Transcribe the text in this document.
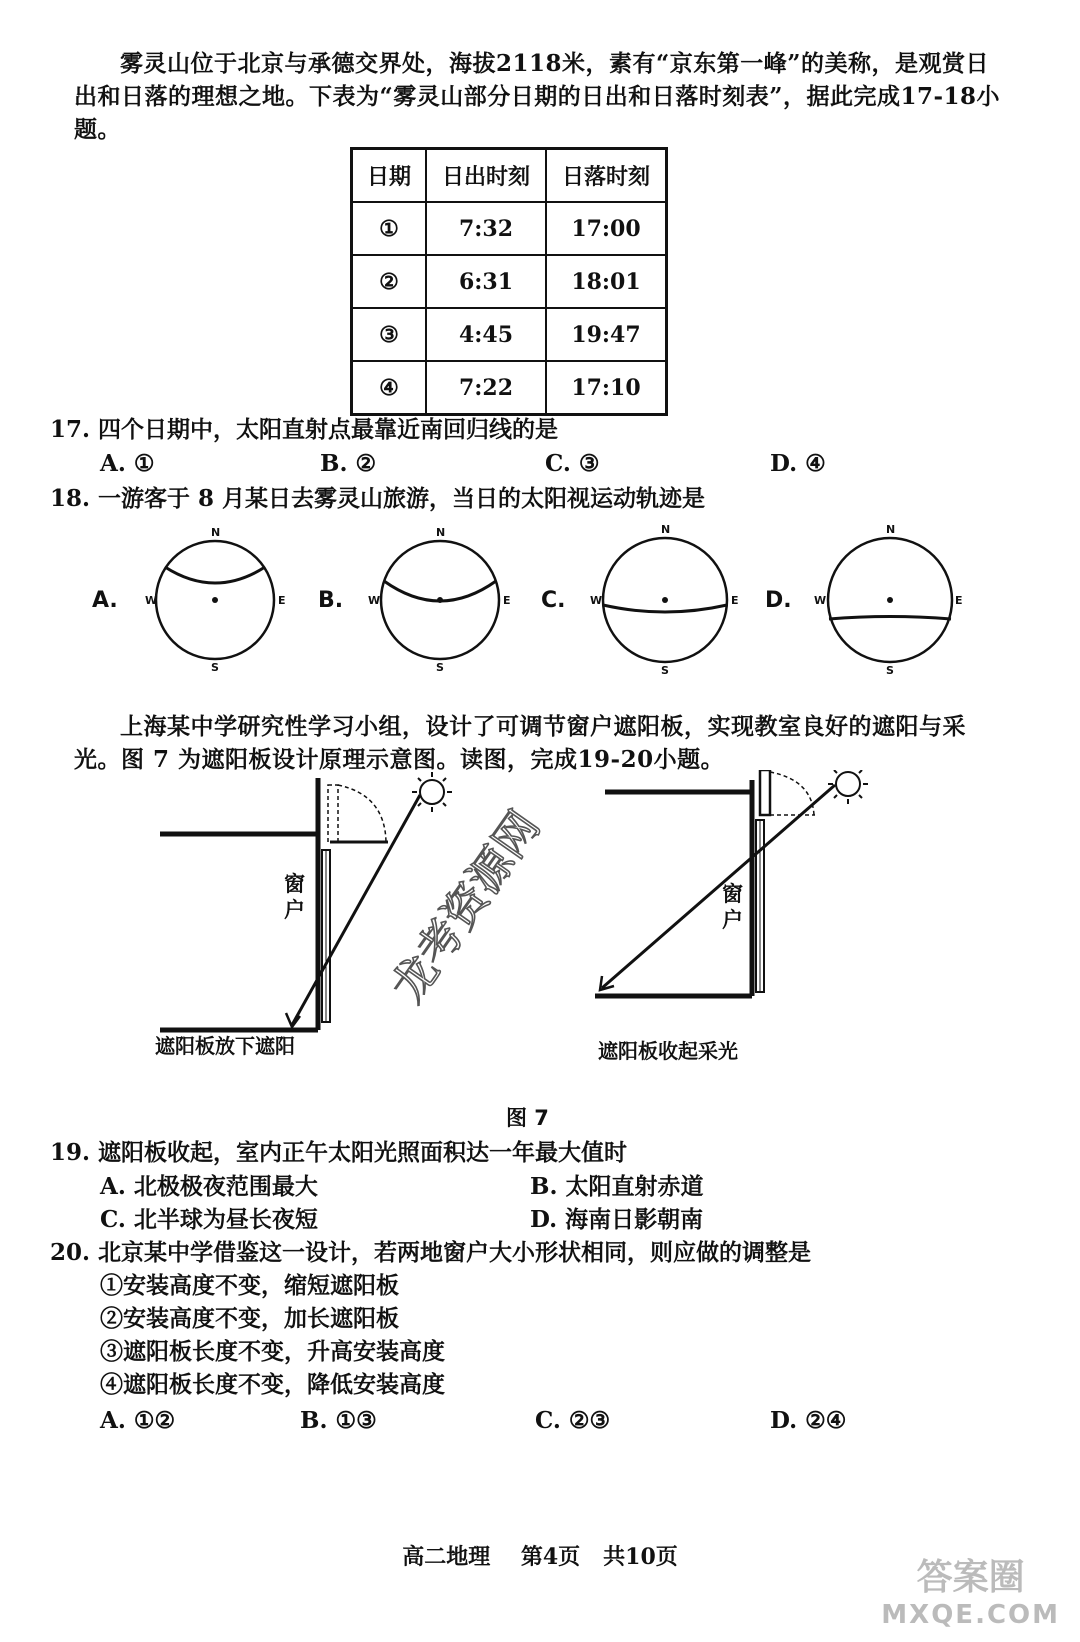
雾灵山位于北京与承德交界处，海拔2118米，素有“京东第一峰”的美称，是观赏日出和日落的理想之地。下表为“雾灵山部分日期的日出和日落时刻表”，据此完成17-18小题。
日期	日出时刻	日落时刻
①	7:32	17:00
②	6:31	18:01
③	4:45	19:47
④	7:22	17:10
17. 四个日期中，太阳直射点最靠近南回归线的是
A. ①	B. ②	C. ③	D. ④
18. 一游客于 8 月某日去雾灵山旅游，当日的太阳视运动轨迹是
A.
N
S
W	E B.
N
S
W	E C.
N
S
W	E D.
N
S
W	E
上海某中学研究性学习小组，设计了可调节窗户遮阳板，实现教室良好的遮阳与采光。图 7 为遮阳板设计原理示意图。读图，完成19-20小题。
窗
户
窗
户
龙考资源网
遮阳板放下遮阳	遮阳板收起采光
图 7
19. 遮阳板收起，室内正午太阳光照面积达一年最大值时
A. 北极极夜范围最大	B. 太阳直射赤道
C. 北半球为昼长夜短	D. 海南日影朝南
20. 北京某中学借鉴这一设计，若两地窗户大小形状相同，则应做的调整是
①安装高度不变，缩短遮阳板
②安装高度不变，加长遮阳板
③遮阳板长度不变，升高安装高度
④遮阳板长度不变，降低安装高度
A. ①②	B. ①③	C. ②③	D. ②④
高二地理    第4页   共10页	答案圈
MXQE.COM
